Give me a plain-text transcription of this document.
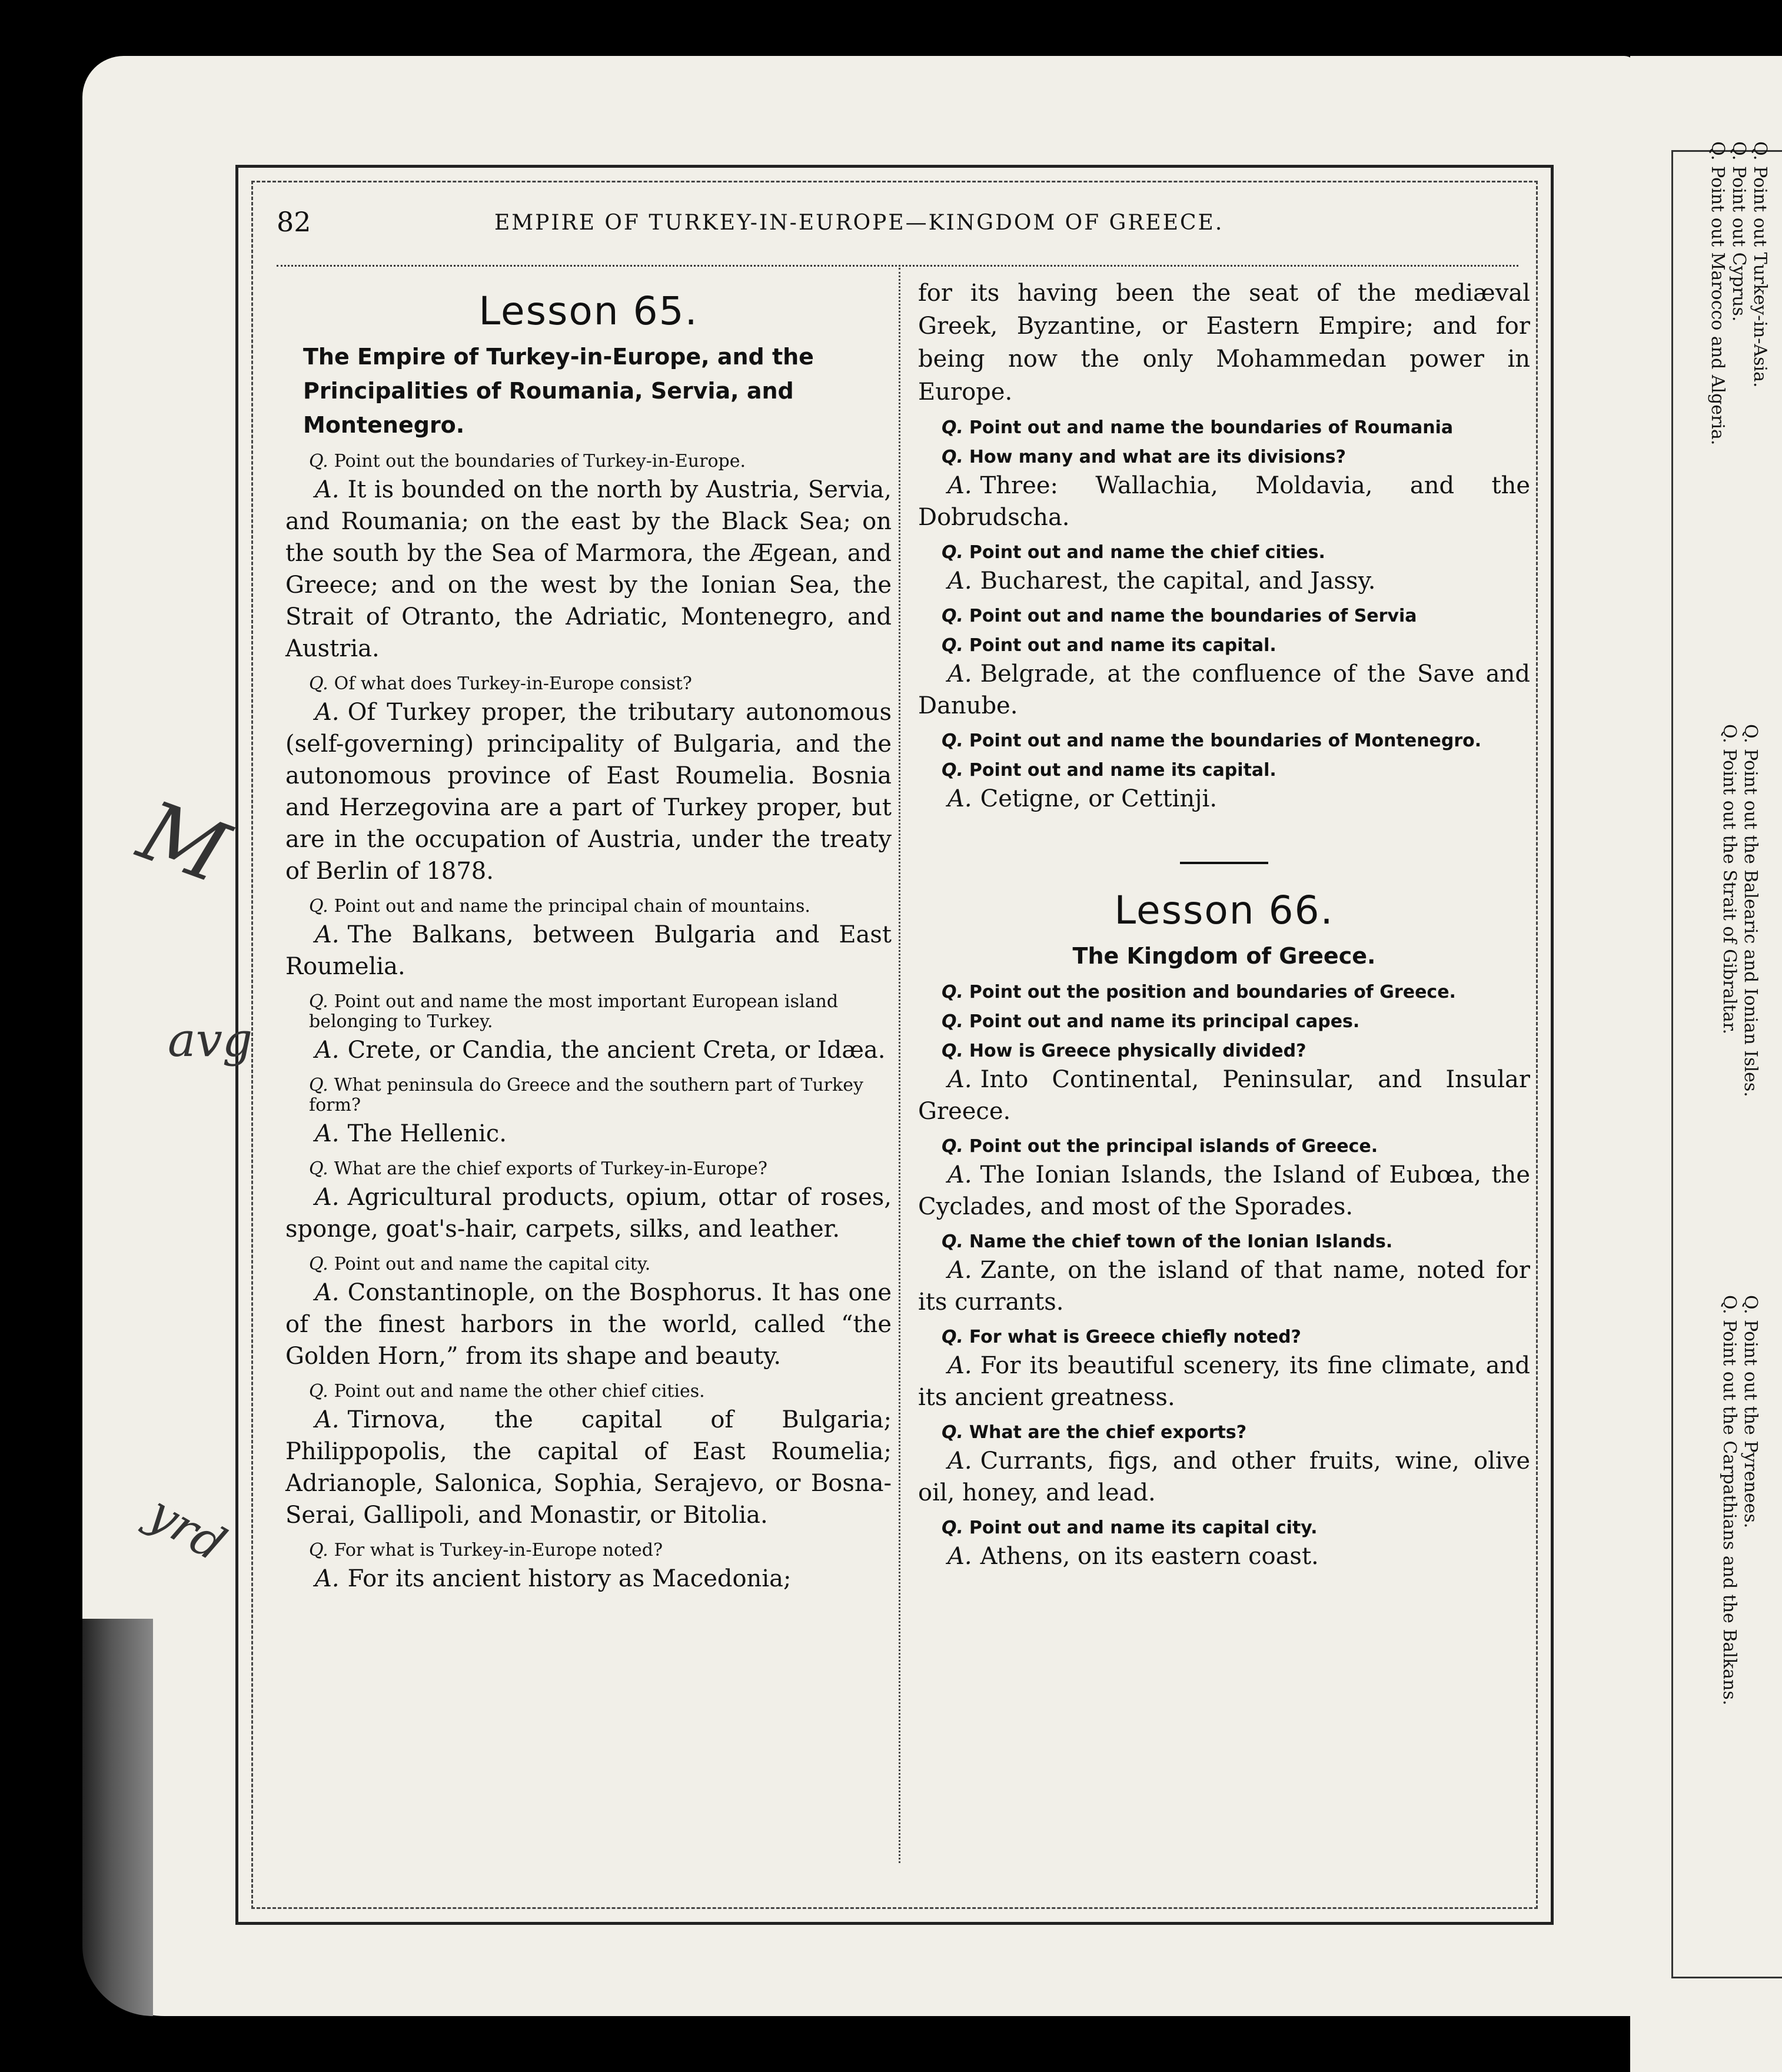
82	EMPIRE OF TURKEY-IN-EUROPE—KINGDOM OF GREECE.
Lesson 65.
The Empire of Turkey-in-Europe, and the Principalities of Roumania, Servia, and Montenegro.
Q. Point out the boundaries of Turkey-in-Europe.

A. It is bounded on the north by Austria, Servia, and Roumania; on the east by the Black Sea; on the south by the Sea of Marmora, the Ægean, and Greece; and on the west by the Ionian Sea, the Strait of Otranto, the Adriatic, Montenegro, and Austria.

Q. Of what does Turkey-in-Europe consist?

A. Of Turkey proper, the tributary autonomous (self-governing) principality of Bulgaria, and the autonomous province of East Roumelia. Bosnia and Herzegovina are a part of Turkey proper, but are in the occupation of Austria, under the treaty of Berlin of 1878.

Q. Point out and name the principal chain of mountains.

A. The Balkans, between Bulgaria and East Roumelia.

Q. Point out and name the most important European island belonging to Turkey.

A. Crete, or Candia, the ancient Creta, or Idæa.

Q. What peninsula do Greece and the southern part of Turkey form?

A. The Hellenic.

Q. What are the chief exports of Turkey-in-Europe?

A. Agricultural products, opium, ottar of roses, sponge, goat's-hair, carpets, silks, and leather.

Q. Point out and name the capital city.

A. Constantinople, on the Bosphorus. It has one of the finest harbors in the world, called “the Golden Horn,” from its shape and beauty.

Q. Point out and name the other chief cities.

A. Tirnova, the capital of Bulgaria; Philippopolis, the capital of East Roumelia; Adrianople, Salonica, Sophia, Serajevo, or Bosna-Serai, Gallipoli, and Monastir, or Bitolia.

Q. For what is Turkey-in-Europe noted?

A. For its ancient history as Macedonia;

for its having been the seat of the mediæval Greek, Byzantine, or Eastern Empire; and for being now the only Mohammedan power in Europe.

Q. Point out and name the boundaries of Roumania
Q. How many and what are its divisions?

A. Three: Wallachia, Moldavia, and the Dobrudscha.

Q. Point out and name the chief cities.

A. Bucharest, the capital, and Jassy.

Q. Point out and name the boundaries of Servia
Q. Point out and name its capital.

A. Belgrade, at the confluence of the Save and Danube.

Q. Point out and name the boundaries of Montenegro.
Q. Point out and name its capital.

A. Cetigne, or Cettinji.

Lesson 66.
The Kingdom of Greece.
Q. Point out the position and boundaries of Greece.
Q. Point out and name its principal capes.
Q. How is Greece physically divided?

A. Into Continental, Peninsular, and Insular Greece.

Q. Point out the principal islands of Greece.

A. The Ionian Islands, the Island of Eubœa, the Cyclades, and most of the Sporades.

Q. Name the chief town of the Ionian Islands.

A. Zante, on the island of that name, noted for its currants.

Q. For what is Greece chiefly noted?

A. For its beautiful scenery, its fine climate, and its ancient greatness.

Q. What are the chief exports?

A. Currants, figs, and other fruits, wine, olive oil, honey, and lead.

Q. Point out and name its capital city.

A. Athens, on its eastern coast.

Q. Point out Turkey-in-Asia.
Q. Point out Cyprus.
Q. Point out Marocco and Algeria.
Q. Point out the Balearic and Ionian Isles.
Q. Point out the Strait of Gibraltar.
Q. Point out the Pyrenees.
Q. Point out the Carpathians and the Balkans.
M
avg
yrd
